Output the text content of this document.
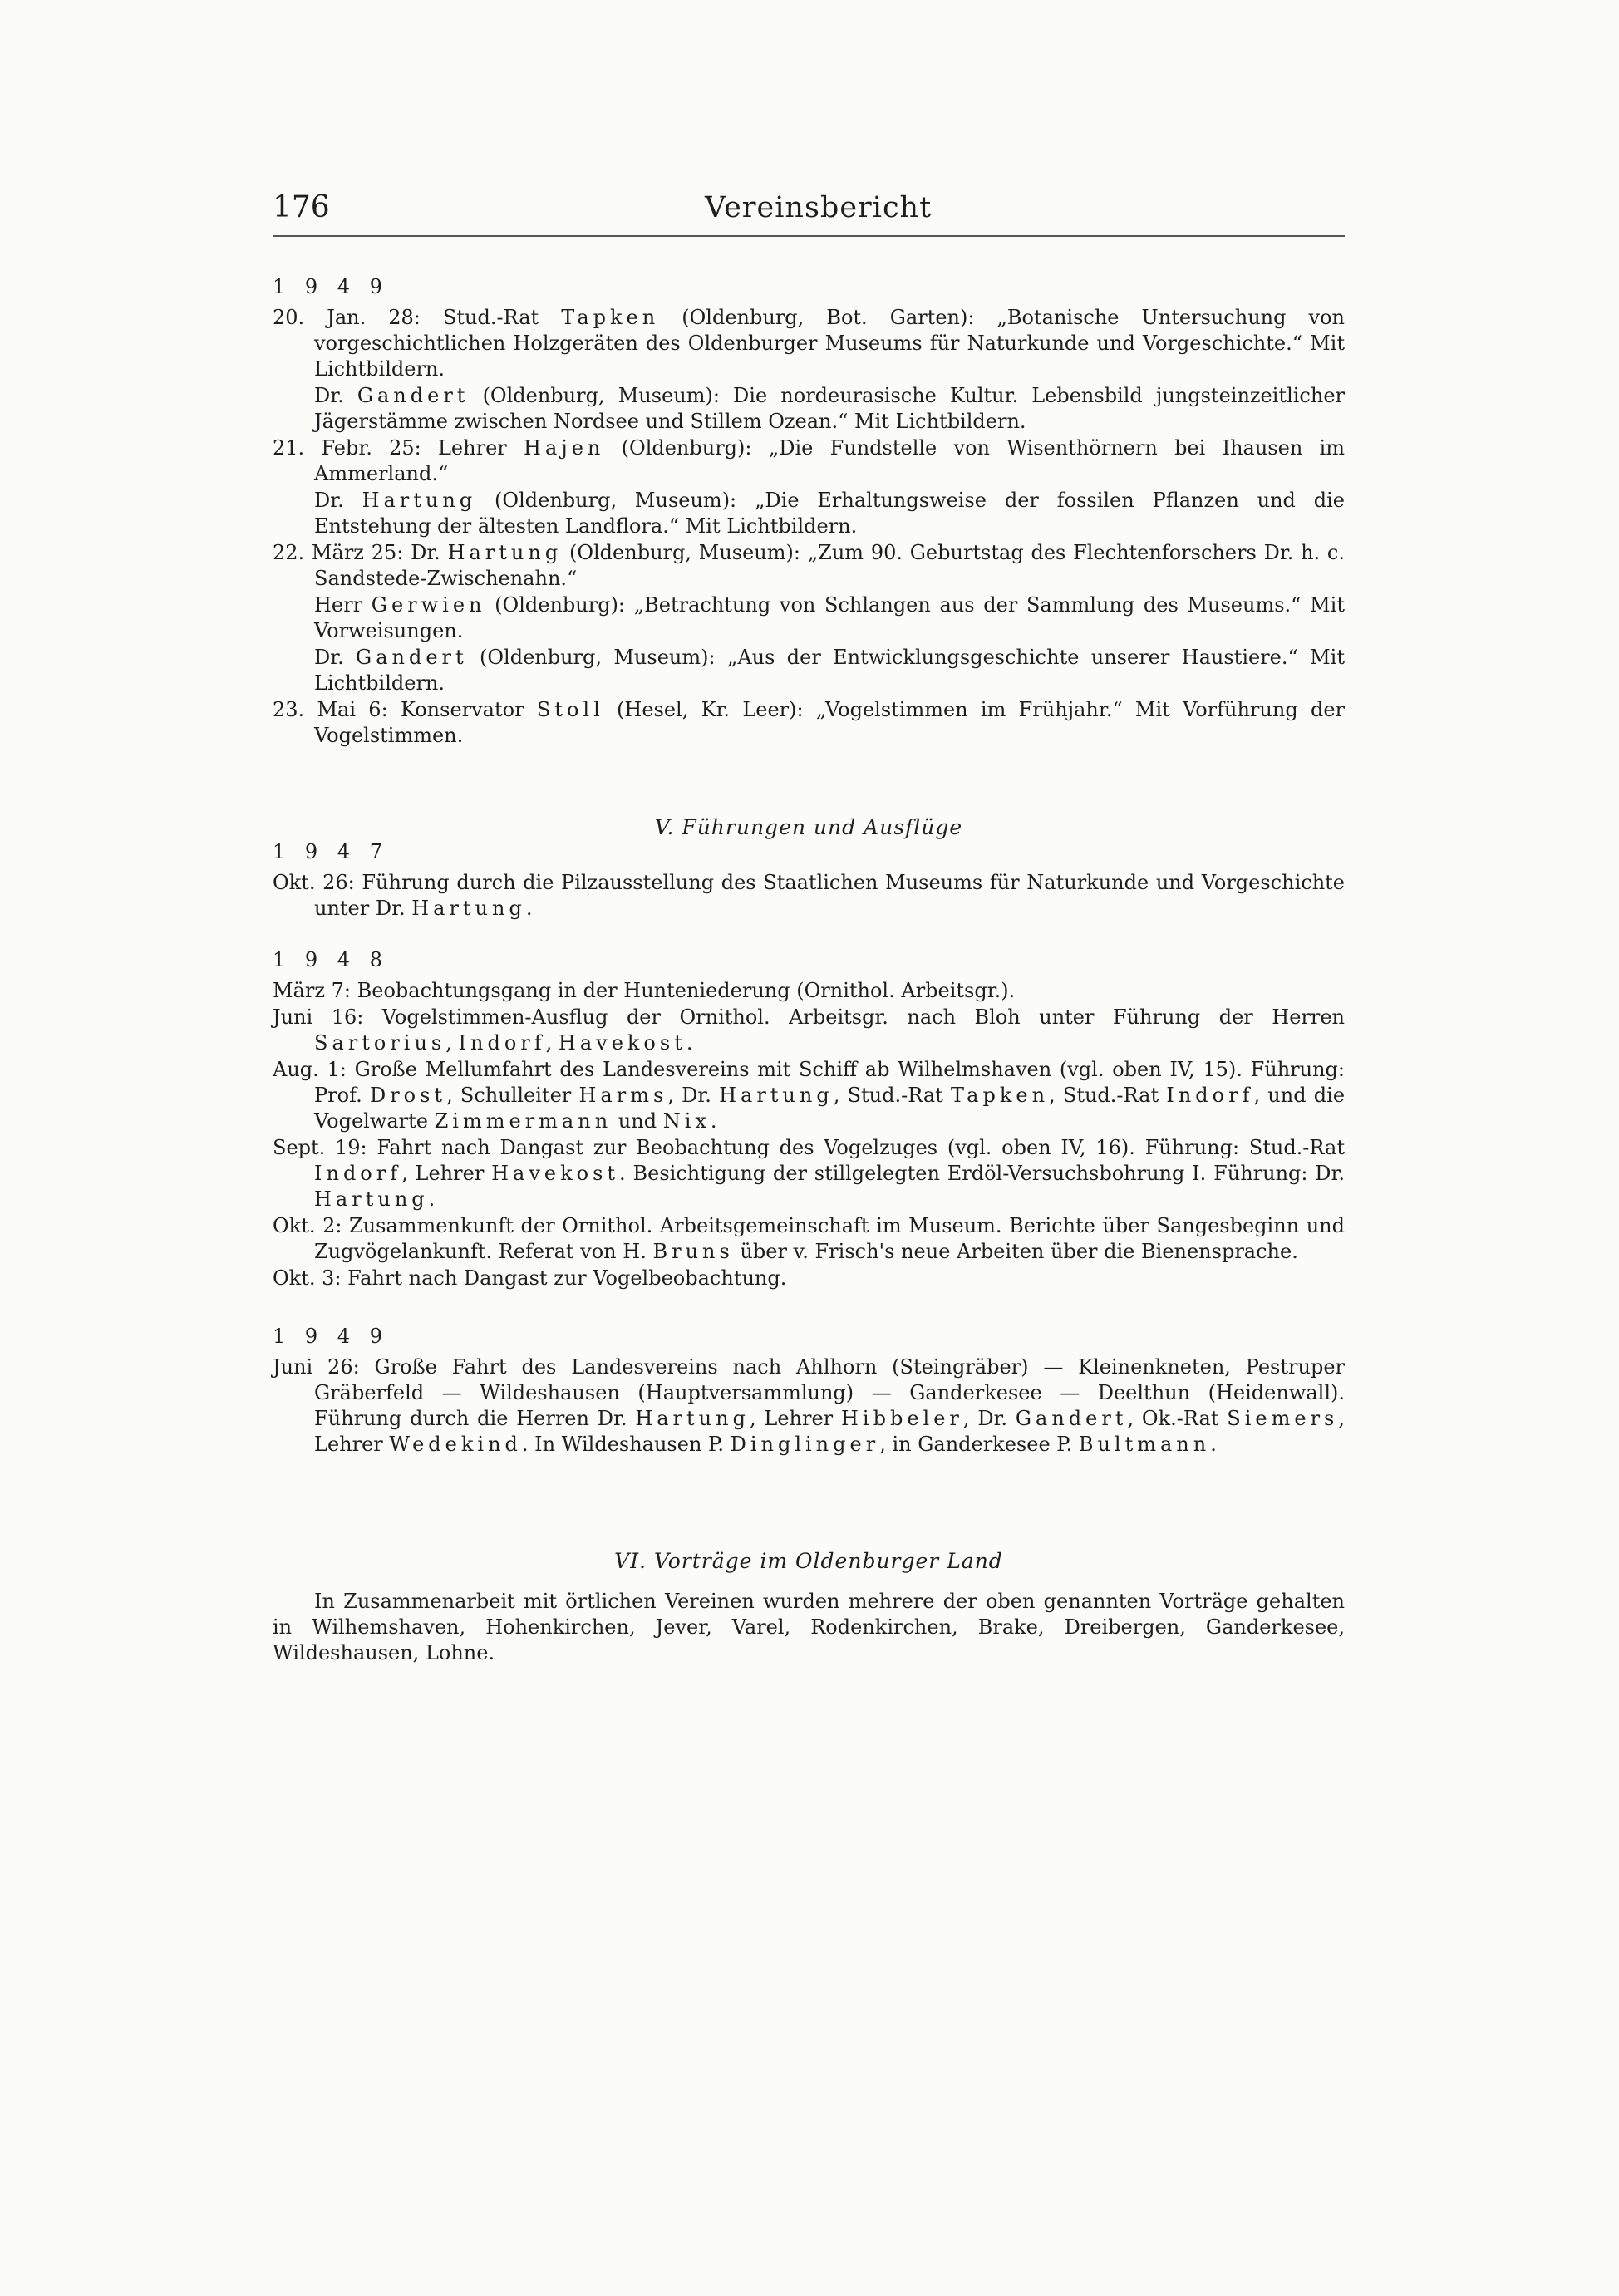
176	Vereinsbericht
1 9 4 9
20. Jan. 28: Stud.-Rat Tapken (Oldenburg, Bot. Garten): „Botanische Untersuchung von vorgeschichtlichen Holzgeräten des Oldenburger Museums für Naturkunde und Vorgeschichte.“ Mit Lichtbildern.
Dr. Gandert (Oldenburg, Museum): Die nordeurasische Kultur. Lebensbild jungsteinzeitlicher Jägerstämme zwischen Nordsee und Stillem Ozean.“ Mit Lichtbildern.
21. Febr. 25: Lehrer Hajen (Oldenburg): „Die Fundstelle von Wisenthörnern bei Ihausen im Ammerland.“
Dr. Hartung (Oldenburg, Museum): „Die Erhaltungsweise der fossilen Pflanzen und die Entstehung der ältesten Landflora.“ Mit Lichtbildern.
22. März 25: Dr. Hartung (Oldenburg, Museum): „Zum 90. Geburtstag des Flechtenforschers Dr. h. c. Sandstede-Zwischenahn.“
Herr Gerwien (Oldenburg): „Betrachtung von Schlangen aus der Sammlung des Museums.“ Mit Vorweisungen.
Dr. Gandert (Oldenburg, Museum): „Aus der Entwicklungsgeschichte unserer Haustiere.“ Mit Lichtbildern.
23. Mai 6: Konservator Stoll (Hesel, Kr. Leer): „Vogelstimmen im Frühjahr.“ Mit Vorführung der Vogelstimmen.
V. Führungen und Ausflüge
1 9 4 7
Okt. 26: Führung durch die Pilzausstellung des Staatlichen Museums für Naturkunde und Vorgeschichte unter Dr. Hartung.
1 9 4 8
März 7: Beobachtungsgang in der Hunteniederung (Ornithol. Arbeitsgr.).
Juni 16: Vogelstimmen-Ausflug der Ornithol. Arbeitsgr. nach Bloh unter Führung der Herren Sartorius, Indorf, Havekost.
Aug. 1: Große Mellumfahrt des Landesvereins mit Schiff ab Wilhelmshaven (vgl. oben IV, 15). Führung: Prof. Drost, Schulleiter Harms, Dr. Hartung, Stud.-Rat Tapken, Stud.-Rat Indorf, und die Vogelwarte Zimmermann und Nix.
Sept. 19: Fahrt nach Dangast zur Beobachtung des Vogelzuges (vgl. oben IV, 16). Führung: Stud.-Rat Indorf, Lehrer Havekost. Besichtigung der stillgelegten Erdöl-Versuchsbohrung I. Führung: Dr. Hartung.
Okt. 2: Zusammenkunft der Ornithol. Arbeitsgemeinschaft im Museum. Berichte über Sangesbeginn und Zugvögelankunft. Referat von H. Bruns über v. Frisch's neue Arbeiten über die Bienensprache.
Okt. 3: Fahrt nach Dangast zur Vogelbeobachtung.
1 9 4 9
Juni 26: Große Fahrt des Landesvereins nach Ahlhorn (Steingräber) — Kleinenkneten, Pestruper Gräberfeld — Wildeshausen (Hauptversammlung) — Ganderkesee — Deelthun (Heidenwall). Führung durch die Herren Dr. Hartung, Lehrer Hibbeler, Dr. Gandert, Ok.-Rat Siemers, Lehrer Wedekind. In Wildeshausen P. Dinglinger, in Ganderkesee P. Bultmann.
VI. Vorträge im Oldenburger Land
In Zusammenarbeit mit örtlichen Vereinen wurden mehrere der oben genannten Vorträge gehalten in Wilhemshaven, Hohenkirchen, Jever, Varel, Rodenkirchen, Brake, Dreibergen, Ganderkesee, Wildeshausen, Lohne.
